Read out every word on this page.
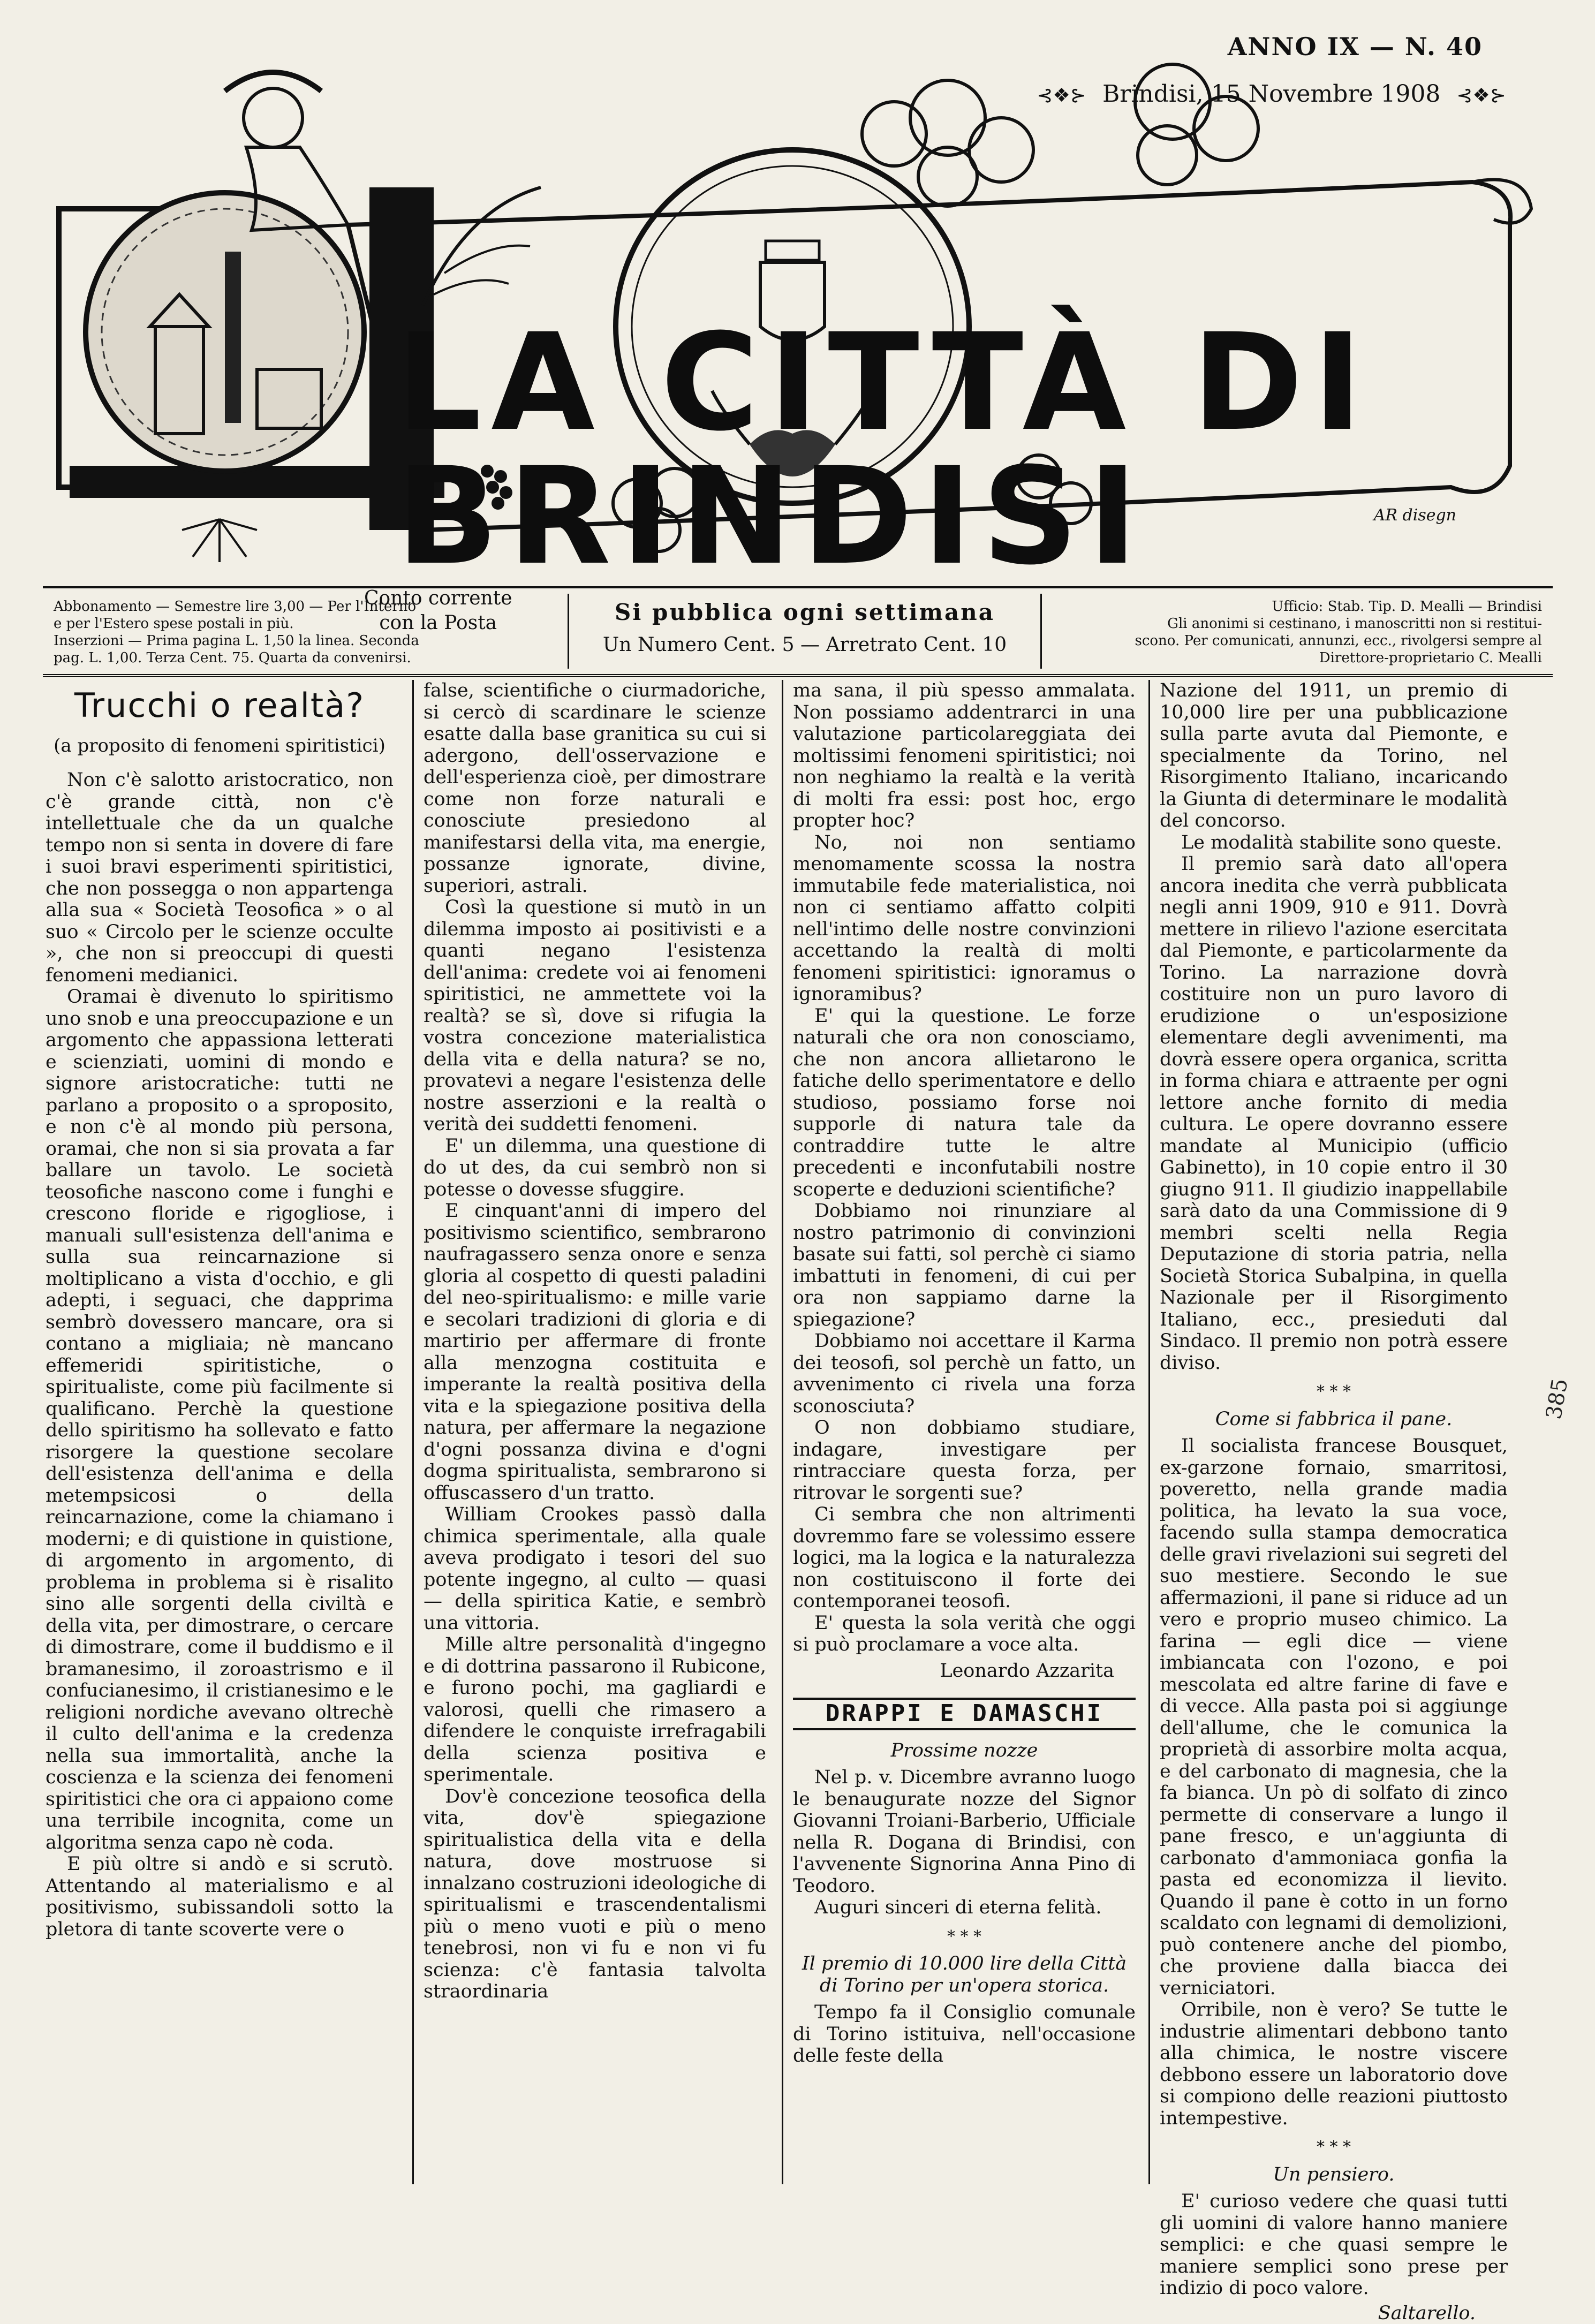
ANNO IX — N. 40
⊰❖⊱ Brindisi, 15 Novembre 1908 ⊰❖⊱
LA CITTÀ DI BRINDISI	AR disegn
Conto corrente
con la Posta
Abbonamento — Semestre lire 3,00 — Per l'Interno
e per l'Estero spese postali in più.
Inserzioni — Prima pagina L. 1,50 la linea. Seconda
pag. L. 1,00. Terza Cent. 75. Quarta da convenirsi.
Si pubblica ogni settimana
Un Numero Cent. 5 — Arretrato Cent. 10
Ufficio: Stab. Tip. D. Mealli — Brindisi
Gli anonimi si cestinano, i manoscritti non si restitui-
scono. Per comunicati, annunzi, ecc., rivolgersi sempre al
Direttore-proprietario C. Mealli
Trucchi o realtà?
(a proposito di fenomeni spiritistici)

Non c'è salotto aristocratico, non c'è grande città, non c'è intellettuale che da un qualche tempo non si senta in dovere di fare i suoi bravi esperimenti spiritistici, che non possegga o non appartenga alla sua « Società Teosofica » o al suo « Circolo per le scienze occulte », che non si preoccupi di questi fenomeni medianici.

Oramai è divenuto lo spiritismo uno snob e una preoccupazione e un argomento che appassiona letterati e scienziati, uomini di mondo e signore aristocratiche: tutti ne parlano a proposito o a sproposito, e non c'è al mondo più persona, oramai, che non si sia provata a far ballare un tavolo. Le società teosofiche nascono come i funghi e crescono floride e rigogliose, i manuali sull'esistenza dell'anima e sulla sua reincarnazione si moltiplicano a vista d'occhio, e gli adepti, i seguaci, che dapprima sembrò dovessero mancare, ora si contano a migliaia; nè mancano effemeridi spiritistiche, o spiritualiste, come più facilmente si qualificano. Perchè la questione dello spiritismo ha sollevato e fatto risorgere la questione secolare dell'esistenza dell'anima e della metempsicosi o della reincarnazione, come la chiamano i moderni; e di quistione in quistione, di argomento in argomento, di problema in problema si è risalito sino alle sorgenti della civiltà e della vita, per dimostrare, o cercare di dimostrare, come il buddismo e il bramanesimo, il zoroastrismo e il confucianesimo, il cristianesimo e le religioni nordiche avevano oltrechè il culto dell'anima e la credenza nella sua immortalità, anche la coscienza e la scienza dei fenomeni spiritistici che ora ci appaiono come una terribile incognita, come un algoritma senza capo nè coda.

E più oltre si andò e si scrutò. Attentando al materialismo e al positivismo, subissandoli sotto la pletora di tante scoverte vere o

false, scientifiche o ciurmadoriche, si cercò di scardinare le scienze esatte dalla base granitica su cui si adergono, dell'osservazione e dell'esperienza cioè, per dimostrare come non forze naturali e conosciute presiedono al manifestarsi della vita, ma energie, possanze ignorate, divine, superiori, astrali.

Così la questione si mutò in un dilemma imposto ai positivisti e a quanti negano l'esistenza dell'anima: credete voi ai fenomeni spiritistici, ne ammettete voi la realtà? se sì, dove si rifugia la vostra concezione materialistica della vita e della natura? se no, provatevi a negare l'esistenza delle nostre asserzioni e la realtà o verità dei suddetti fenomeni.

E' un dilemma, una questione di do ut des, da cui sembrò non si potesse o dovesse sfuggire.

E cinquant'anni di impero del positivismo scientifico, sembrarono naufragassero senza onore e senza gloria al cospetto di questi paladini del neo-spiritualismo: e mille varie e secolari tradizioni di gloria e di martirio per affermare di fronte alla menzogna costituita e imperante la realtà positiva della vita e la spiegazione positiva della natura, per affermare la negazione d'ogni possanza divina e d'ogni dogma spiritualista, sembrarono si offuscassero d'un tratto.

William Crookes passò dalla chimica sperimentale, alla quale aveva prodigato i tesori del suo potente ingegno, al culto — quasi — della spiritica Katie, e sembrò una vittoria.

Mille altre personalità d'ingegno e di dottrina passarono il Rubicone, e furono pochi, ma gagliardi e valorosi, quelli che rimasero a difendere le conquiste irrefragabili della scienza positiva e sperimentale.

Dov'è concezione teosofica della vita, dov'è spiegazione spiritualistica della vita e della natura, dove mostruose si innalzano costruzioni ideologiche di spiritualismi e trascendentalismi più o meno vuoti e più o meno tenebrosi, non vi fu e non vi fu scienza: c'è fantasia talvolta straordinaria

ma sana, il più spesso ammalata. Non possiamo addentrarci in una valutazione particolareggiata dei moltissimi fenomeni spiritistici; noi non neghiamo la realtà e la verità di molti fra essi: post hoc, ergo propter hoc?

No, noi non sentiamo menomamente scossa la nostra immutabile fede materialistica, noi non ci sentiamo affatto colpiti nell'intimo delle nostre convinzioni accettando la realtà di molti fenomeni spiritistici: ignoramus o ignoramibus?

E' qui la questione. Le forze naturali che ora non conosciamo, che non ancora allietarono le fatiche dello sperimentatore e dello studioso, possiamo forse noi supporle di natura tale da contraddire tutte le altre precedenti e inconfutabili nostre scoperte e deduzioni scientifiche?

Dobbiamo noi rinunziare al nostro patrimonio di convinzioni basate sui fatti, sol perchè ci siamo imbattuti in fenomeni, di cui per ora non sappiamo darne la spiegazione?

Dobbiamo noi accettare il Karma dei teosofi, sol perchè un fatto, un avvenimento ci rivela una forza sconosciuta?

O non dobbiamo studiare, indagare, investigare per rintracciare questa forza, per ritrovar le sorgenti sue?

Ci sembra che non altrimenti dovremmo fare se volessimo essere logici, ma la logica e la naturalezza non costituiscono il forte dei contemporanei teosofi.

E' questa la sola verità che oggi si può proclamare a voce alta.

Leonardo Azzarita
DRAPPI E DAMASCHI
Prossime nozze

Nel p. v. Dicembre avranno luogo le benaugurate nozze del Signor Giovanni Troiani-Barberio, Ufficiale nella R. Dogana di Brindisi, con l'avvenente Signorina Anna Pino di Teodoro.

Auguri sinceri di eterna felità.

* * *
Il premio di 10.000 lire della Città di Torino per un'opera storica.

Tempo fa il Consiglio comunale di Torino istituiva, nell'occasione delle feste della

Nazione del 1911, un premio di 10,000 lire per una pubblicazione sulla parte avuta dal Piemonte, e specialmente da Torino, nel Risorgimento Italiano, incaricando la Giunta di determinare le modalità del concorso.

Le modalità stabilite sono queste.

Il premio sarà dato all'opera ancora inedita che verrà pubblicata negli anni 1909, 910 e 911. Dovrà mettere in rilievo l'azione esercitata dal Piemonte, e particolarmente da Torino. La narrazione dovrà costituire non un puro lavoro di erudizione o un'esposizione elementare degli avvenimenti, ma dovrà essere opera organica, scritta in forma chiara e attraente per ogni lettore anche fornito di media cultura. Le opere dovranno essere mandate al Municipio (ufficio Gabinetto), in 10 copie entro il 30 giugno 911. Il giudizio inappellabile sarà dato da una Commissione di 9 membri scelti nella Regia Deputazione di storia patria, nella Società Storica Subalpina, in quella Nazionale per il Risorgimento Italiano, ecc., presieduti dal Sindaco. Il premio non potrà essere diviso.

* * *
Come si fabbrica il pane.

Il socialista francese Bousquet, ex-garzone fornaio, smarritosi, poveretto, nella grande madia politica, ha levato la sua voce, facendo sulla stampa democratica delle gravi rivelazioni sui segreti del suo mestiere. Secondo le sue affermazioni, il pane si riduce ad un vero e proprio museo chimico. La farina — egli dice — viene imbiancata con l'ozono, e poi mescolata ed altre farine di fave e di vecce. Alla pasta poi si aggiunge dell'allume, che le comunica la proprietà di assorbire molta acqua, e del carbonato di magnesia, che la fa bianca. Un pò di solfato di zinco permette di conservare a lungo il pane fresco, e un'aggiunta di carbonato d'ammoniaca gonfia la pasta ed economizza il lievito. Quando il pane è cotto in un forno scaldato con legnami di demolizioni, può contenere anche del piombo, che proviene dalla biacca dei verniciatori.

Orribile, non è vero? Se tutte le industrie alimentari debbono tanto alla chimica, le nostre viscere debbono essere un laboratorio dove si compiono delle reazioni piuttosto intempestive.

* * *
Un pensiero.

E' curioso vedere che quasi tutti gli uomini di valore hanno maniere semplici: e che quasi sempre le maniere semplici sono prese per indizio di poco valore.

Saltarello.
385
